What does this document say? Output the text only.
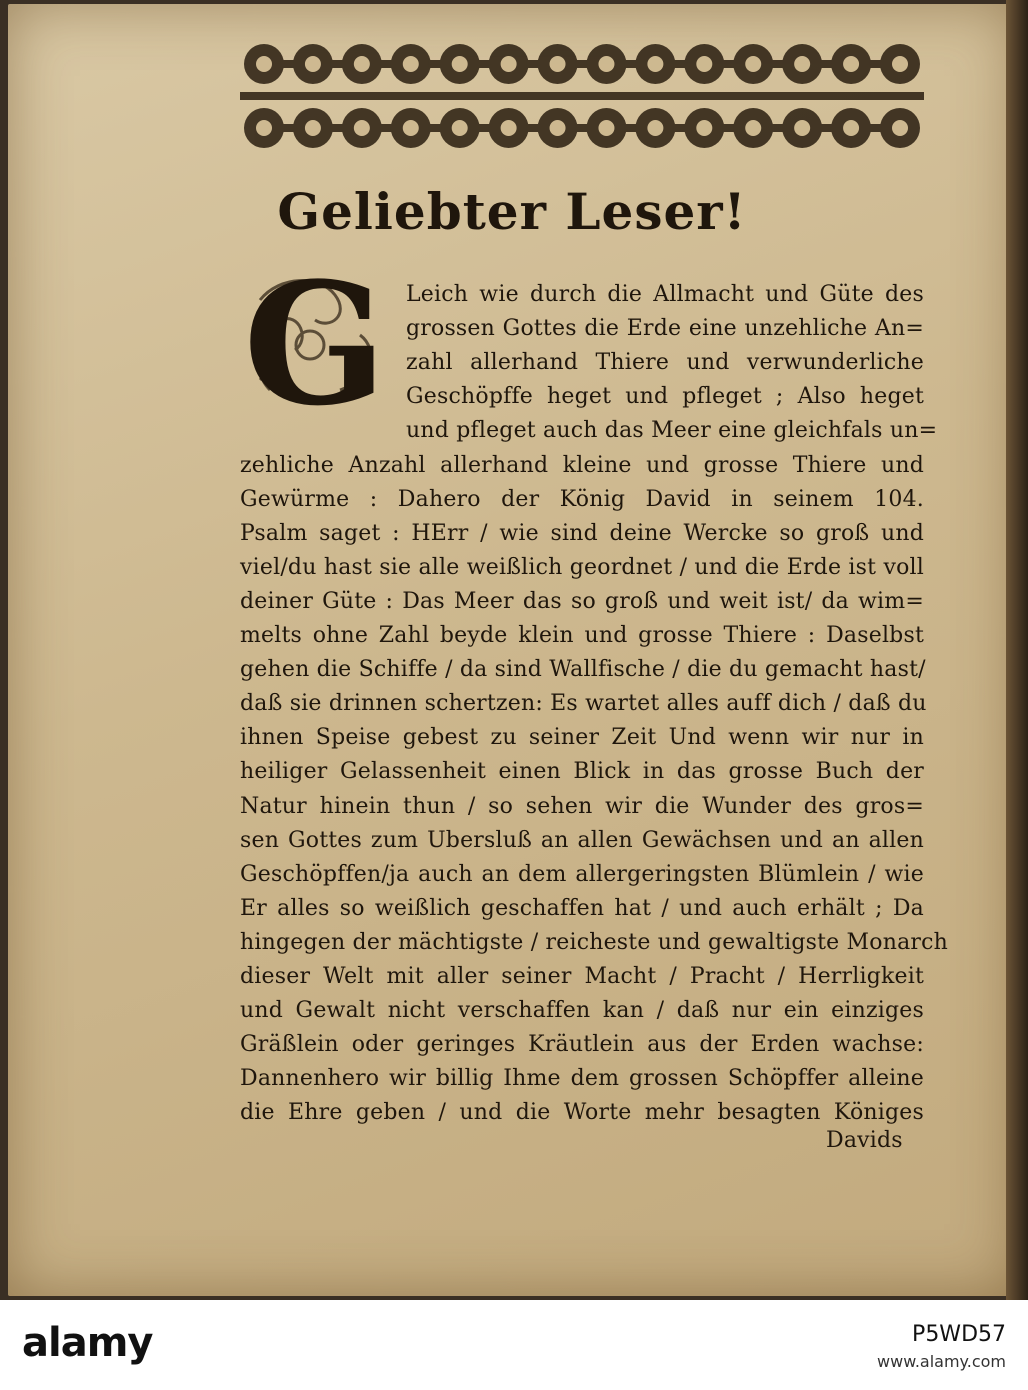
Geliebter Leser!
G Leich wie durch die Allmacht und Güte des
grossen Gottes die Erde eine unzehliche An=
zahl allerhand Thiere und verwunderliche
Geschöpffe heget und pfleget ; Also heget
und pfleget auch das Meer eine gleichfals un=
zehliche Anzahl allerhand kleine und grosse Thiere und
Gewürme : Dahero der König David in seinem 104.
Psalm saget : HErr / wie sind deine Wercke so groß und
viel/du hast sie alle weißlich geordnet / und die Erde ist voll
deiner Güte : Das Meer das so groß und weit ist/ da wim=
melts ohne Zahl beyde klein und grosse Thiere : Daselbst
gehen die Schiffe / da sind Wallfische / die du gemacht hast/
daß sie drinnen schertzen: Es wartet alles auff dich / daß du
ihnen Speise gebest zu seiner Zeit Und wenn wir nur in
heiliger Gelassenheit einen Blick in das grosse Buch der
Natur hinein thun / so sehen wir die Wunder des gros=
sen Gottes zum Ubersluß an allen Gewächsen und an allen
Geschöpffen/ja auch an dem allergeringsten Blümlein / wie
Er alles so weißlich geschaffen hat / und auch erhält ; Da
hingegen der mächtigste / reicheste und gewaltigste Monarch
dieser Welt mit aller seiner Macht / Pracht / Herrligkeit
und Gewalt nicht verschaffen kan / daß nur ein einziges
Gräßlein oder geringes Kräutlein aus der Erden wachse:
Dannenhero wir billig Ihme dem grossen Schöpffer alleine
die Ehre geben / und die Worte mehr besagten Königes
Davids
alamy	P5WD57
www.alamy.com
